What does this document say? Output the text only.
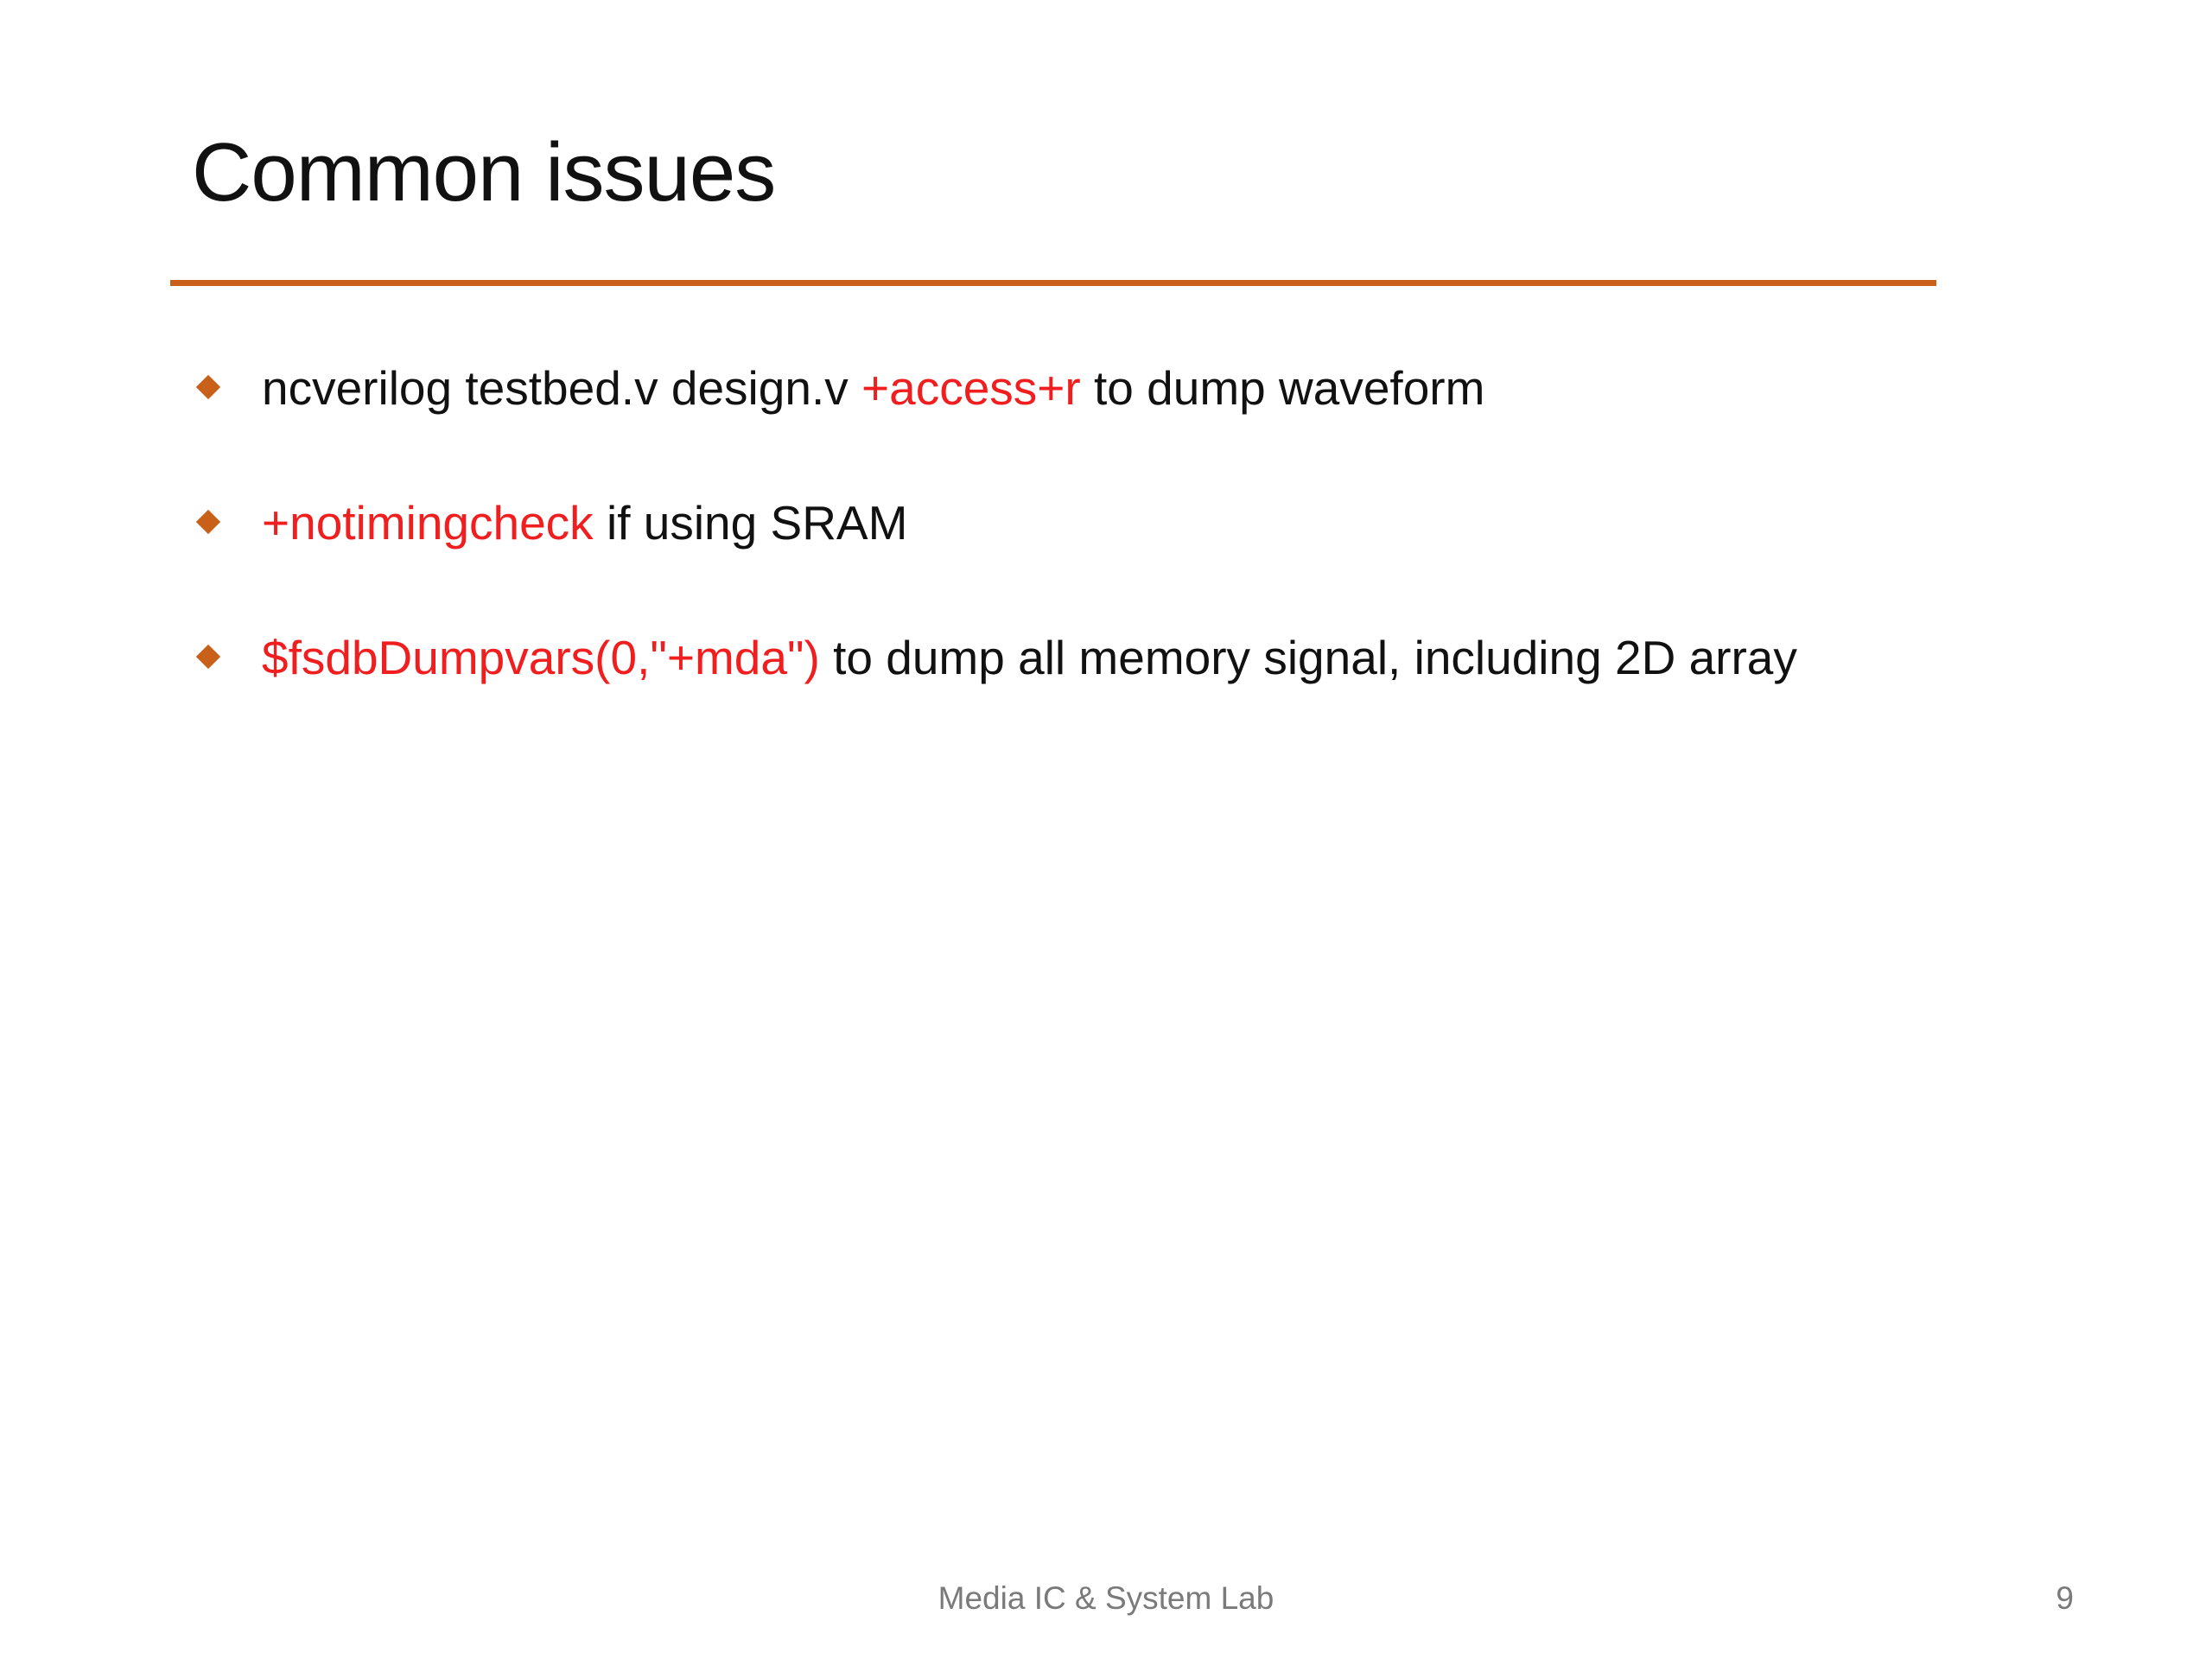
Common issues
ncverilog testbed.v design.v +access+r to dump waveform
+notimingcheck if using SRAM
$fsdbDumpvars(0,"+mda") to dump all memory signal, including 2D array
Media IC & System Lab	9
